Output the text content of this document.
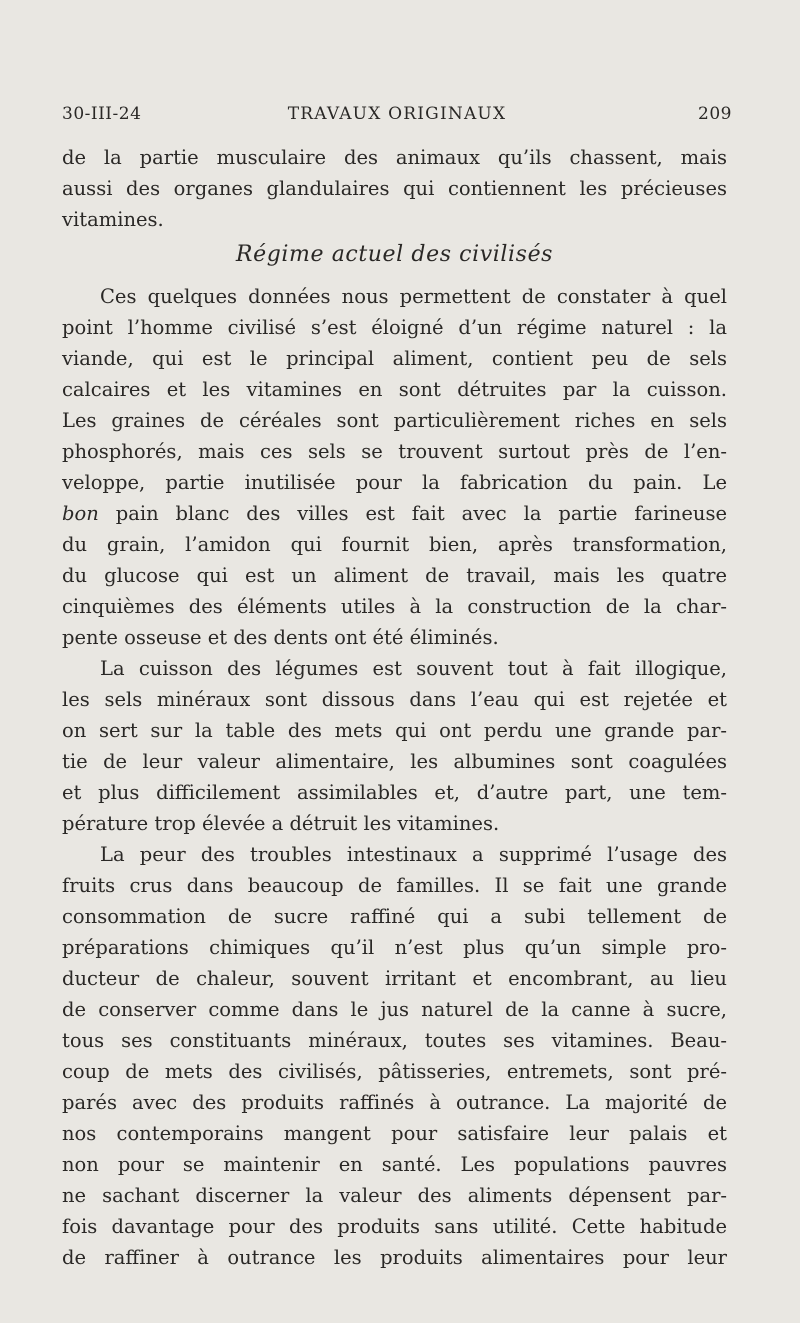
30-III-24	TRAVAUX ORIGINAUX	209
de la partie musculaire des animaux qu’ils chassent, mais
aussi des organes glandulaires qui contiennent les précieuses
vitamines.
Régime actuel des civilisés
Ces quelques données nous permettent de constater à quel
point l’homme civilisé s’est éloigné d’un régime naturel : la
viande, qui est le principal aliment, contient peu de sels
calcaires et les vitamines en sont détruites par la cuisson.
Les graines de céréales sont particulièrement riches en sels
phosphorés, mais ces sels se trouvent surtout près de l’en-
veloppe, partie inutilisée pour la fabrication du pain. Le
bon pain blanc des villes est fait avec la partie farineuse
du grain, l’amidon qui fournit bien, après transformation,
du glucose qui est un aliment de travail, mais les quatre
cinquièmes des éléments utiles à la construction de la char-
pente osseuse et des dents ont été éliminés.
La cuisson des légumes est souvent tout à fait illogique,
les sels minéraux sont dissous dans l’eau qui est rejetée et
on sert sur la table des mets qui ont perdu une grande par-
tie de leur valeur alimentaire, les albumines sont coagulées
et plus difficilement assimilables et, d’autre part, une tem-
pérature trop élevée a détruit les vitamines.
La peur des troubles intestinaux a supprimé l’usage des
fruits crus dans beaucoup de familles. Il se fait une grande
consommation de sucre raffiné qui a subi tellement de
préparations chimiques qu’il n’est plus qu’un simple pro-
ducteur de chaleur, souvent irritant et encombrant, au lieu
de conserver comme dans le jus naturel de la canne à sucre,
tous ses constituants minéraux, toutes ses vitamines. Beau-
coup de mets des civilisés, pâtisseries, entremets, sont pré-
parés avec des produits raffinés à outrance. La majorité de
nos contemporains mangent pour satisfaire leur palais et
non pour se maintenir en santé. Les populations pauvres
ne sachant discerner la valeur des aliments dépensent par-
fois davantage pour des produits sans utilité. Cette habitude
de raffiner à outrance les produits alimentaires pour leur
